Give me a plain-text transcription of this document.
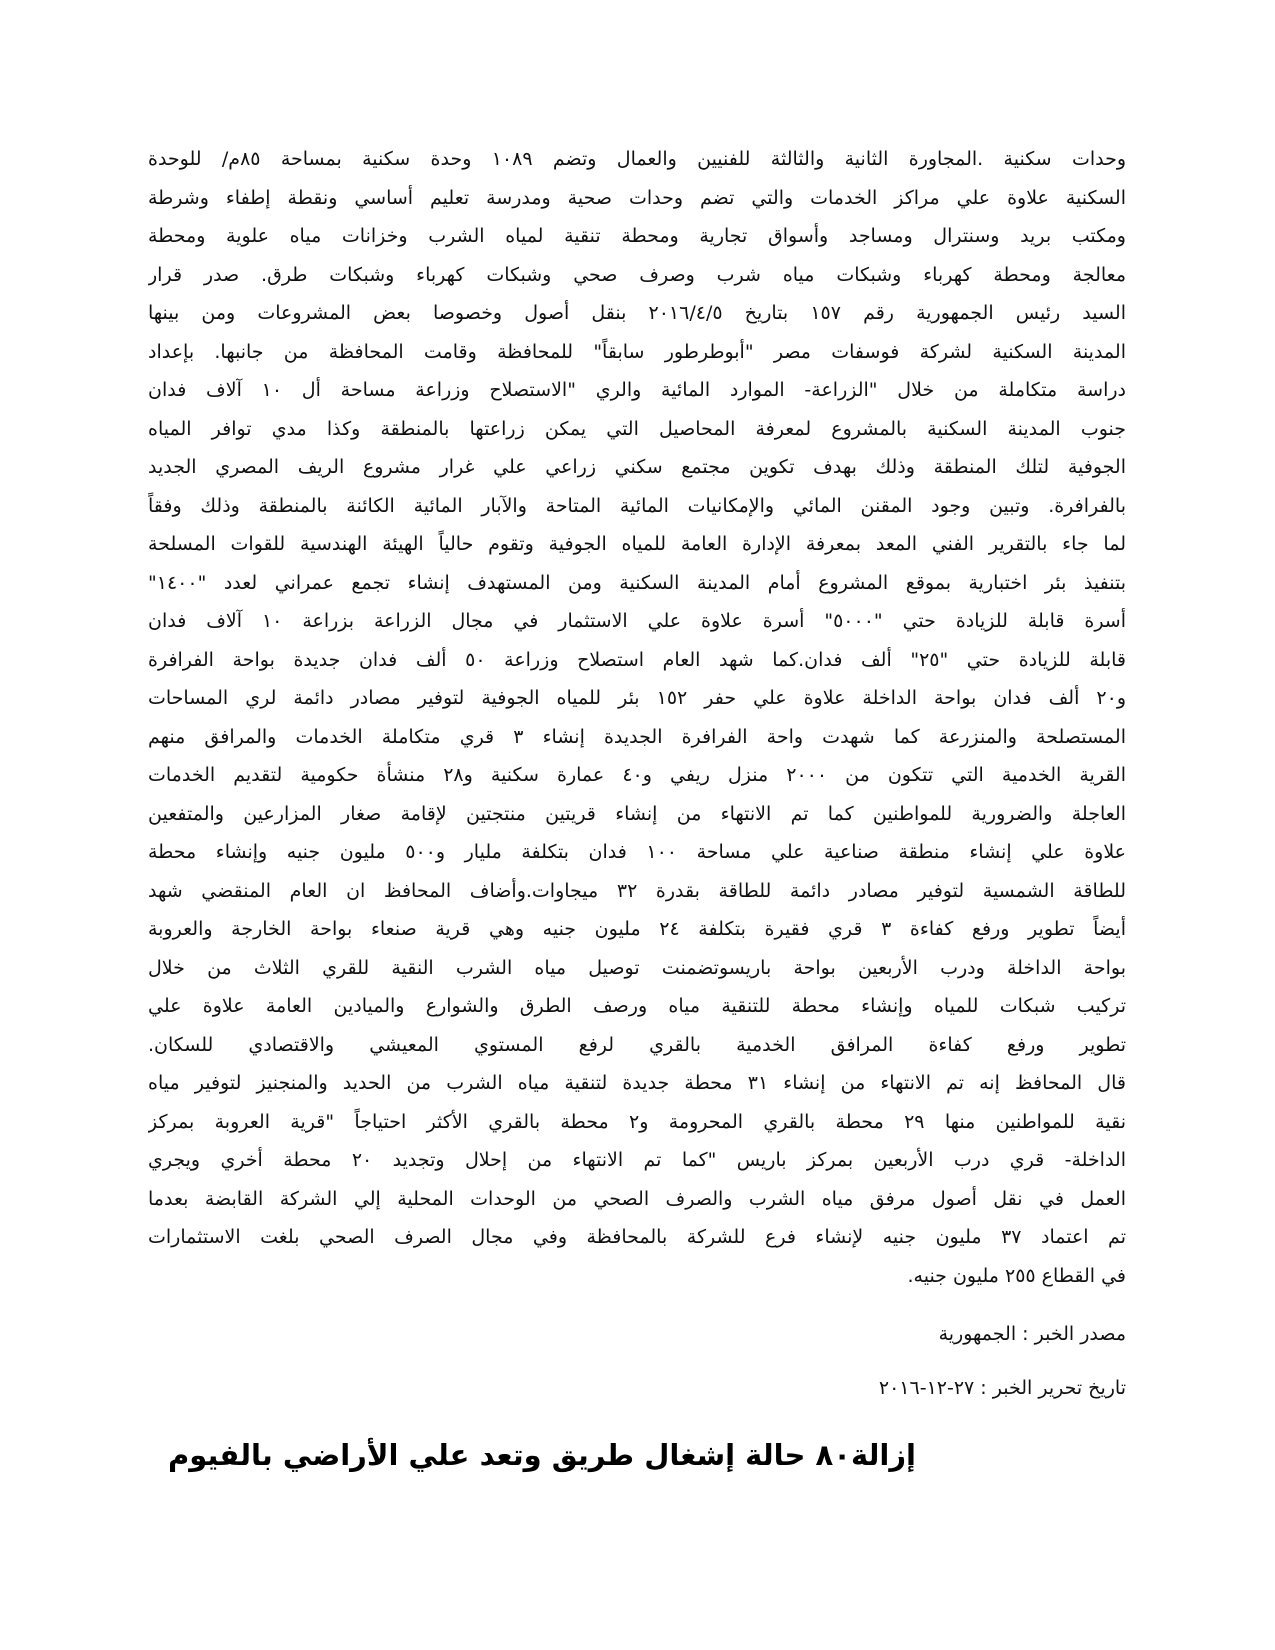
وحدات سكنية .المجاورة الثانية والثالثة للفنيين والعمال وتضم ١٠٨٩ وحدة سكنية بمساحة ٨٥م/ للوحدة
السكنية علاوة علي مراكز الخدمات والتي تضم وحدات صحية ومدرسة تعليم أساسي ونقطة إطفاء وشرطة
ومكتب بريد وسنترال ومساجد وأسواق تجارية ومحطة تنقية لمياه الشرب وخزانات مياه علوية ومحطة
معالجة ومحطة كهرباء وشبكات مياه شرب وصرف صحي وشبكات كهرباء وشبكات طرق. صدر قرار
السيد رئيس الجمهورية رقم ١٥٧ بتاريخ ٢٠١٦/٤/٥ بنقل أصول وخصوصا بعض المشروعات ومن بينها
المدينة السكنية لشركة فوسفات مصر "أبوطرطور سابقاً" للمحافظة وقامت المحافظة من جانبها. بإعداد
دراسة متكاملة من خلال "الزراعة- الموارد المائية والري "الاستصلاح وزراعة مساحة أل ١٠ آلاف فدان
جنوب المدينة السكنية بالمشروع لمعرفة المحاصيل التي يمكن زراعتها بالمنطقة وكذا مدي توافر المياه
الجوفية لتلك المنطقة وذلك بهدف تكوين مجتمع سكني زراعي علي غرار مشروع الريف المصري الجديد
بالفرافرة. وتبين وجود المقنن المائي والإمكانيات المائية المتاحة والآبار المائية الكائنة بالمنطقة وذلك وفقاً
لما جاء بالتقرير الفني المعد بمعرفة الإدارة العامة للمياه الجوفية وتقوم حالياً الهيئة الهندسية للقوات المسلحة
بتنفيذ بئر اختبارية بموقع المشروع أمام المدينة السكنية ومن المستهدف إنشاء تجمع عمراني لعدد "١٤٠٠"
أسرة قابلة للزيادة حتي "٥٠٠٠" أسرة علاوة علي الاستثمار في مجال الزراعة بزراعة ١٠ آلاف فدان
قابلة للزيادة حتي "٢٥" ألف فدان.كما شهد العام استصلاح وزراعة ٥٠ ألف فدان جديدة بواحة الفرافرة
و٢٠ ألف فدان بواحة الداخلة علاوة علي حفر ١٥٢ بئر للمياه الجوفية لتوفير مصادر دائمة لري المساحات
المستصلحة والمنزرعة كما شهدت واحة الفرافرة الجديدة إنشاء ٣ قري متكاملة الخدمات والمرافق منهم
القرية الخدمية التي تتكون من ٢٠٠٠ منزل ريفي و٤٠ عمارة سكنية و٢٨ منشأة حكومية لتقديم الخدمات
العاجلة والضرورية للمواطنين كما تم الانتهاء من إنشاء قريتين منتجتين لإقامة صغار المزارعين والمتفعين
علاوة علي إنشاء منطقة صناعية علي مساحة ١٠٠ فدان بتكلفة مليار و٥٠٠ مليون جنيه وإنشاء محطة
للطاقة الشمسية لتوفير مصادر دائمة للطاقة بقدرة ٣٢ ميجاوات.وأضاف المحافظ ان العام المنقضي شهد
أيضاً تطوير ورفع كفاءة ٣ قري فقيرة بتكلفة ٢٤ مليون جنيه وهي قرية صنعاء بواحة الخارجة والعروبة
بواحة الداخلة ودرب الأربعين بواحة باريسوتضمنت توصيل مياه الشرب النقية للقري الثلاث من خلال
تركيب شبكات للمياه وإنشاء محطة للتنقية مياه ورصف الطرق والشوارع والميادين العامة علاوة علي
تطوير ورفع كفاءة المرافق الخدمية بالقري لرفع المستوي المعيشي والاقتصادي للسكان.
قال المحافظ إنه تم الانتهاء من إنشاء ٣١ محطة جديدة لتنقية مياه الشرب من الحديد والمنجنيز لتوفير مياه
نقية للمواطنين منها ٢٩ محطة بالقري المحرومة و٢ محطة بالقري الأكثر احتياجاً "قرية العروبة بمركز
الداخلة- قري درب الأربعين بمركز باريس "كما تم الانتهاء من إحلال وتجديد ٢٠ محطة أخري ويجري
العمل في نقل أصول مرفق مياه الشرب والصرف الصحي من الوحدات المحلية إلي الشركة القابضة بعدما
تم اعتماد ٣٧ مليون جنيه لإنشاء فرع للشركة بالمحافظة وفي مجال الصرف الصحي بلغت الاستثمارات
في القطاع ٢٥٥ مليون جنيه.
مصدر الخبر : الجمهورية
تاريخ تحرير الخبر : ٢٧-١٢-٢٠١٦
إزالة٨٠ حالة إشغال طريق وتعد علي الأراضي بالفيوم
